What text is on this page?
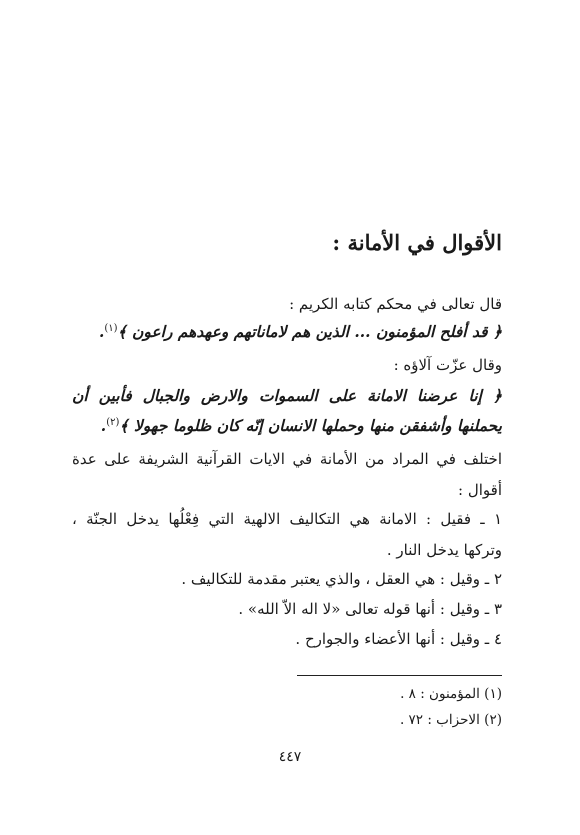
الأقوال في الأمانة :
قال تعالى في محكم كتابه الكريم :
﴿ قد أفلح المؤمنون ... الذين هم لاماناتهم وعهدهم راعون ﴾$^{(١)}$.
وقال عزّت آلاؤه :
﴿ إنا عرضنا الامانة على السموات والارض والجبال فأبين أن
يحملنها وأشفقن منها وحملها الانسان إنّه كان ظلوما جهولا ﴾$^{(٢)}$.
اختلف في المراد من الأمانة في الايات القرآنية الشريفة على عدة
أقوال :
١ ـ فقيل : الامانة هي التكاليف الالهية التي فِعْلُها يدخل الجنّة ،
وتركها يدخل النار .
٢ ـ وقيل : هي العقل ، والذي يعتبر مقدمة للتكاليف .
٣ ـ وقيل : أنها قوله تعالى «لا اله الاّ الله» .
٤ ـ وقيل : أنها الأعضاء والجوارح .
(١) المؤمنون : ٨ .
(٢) الاحزاب : ٧٢ .
٤٤٧
